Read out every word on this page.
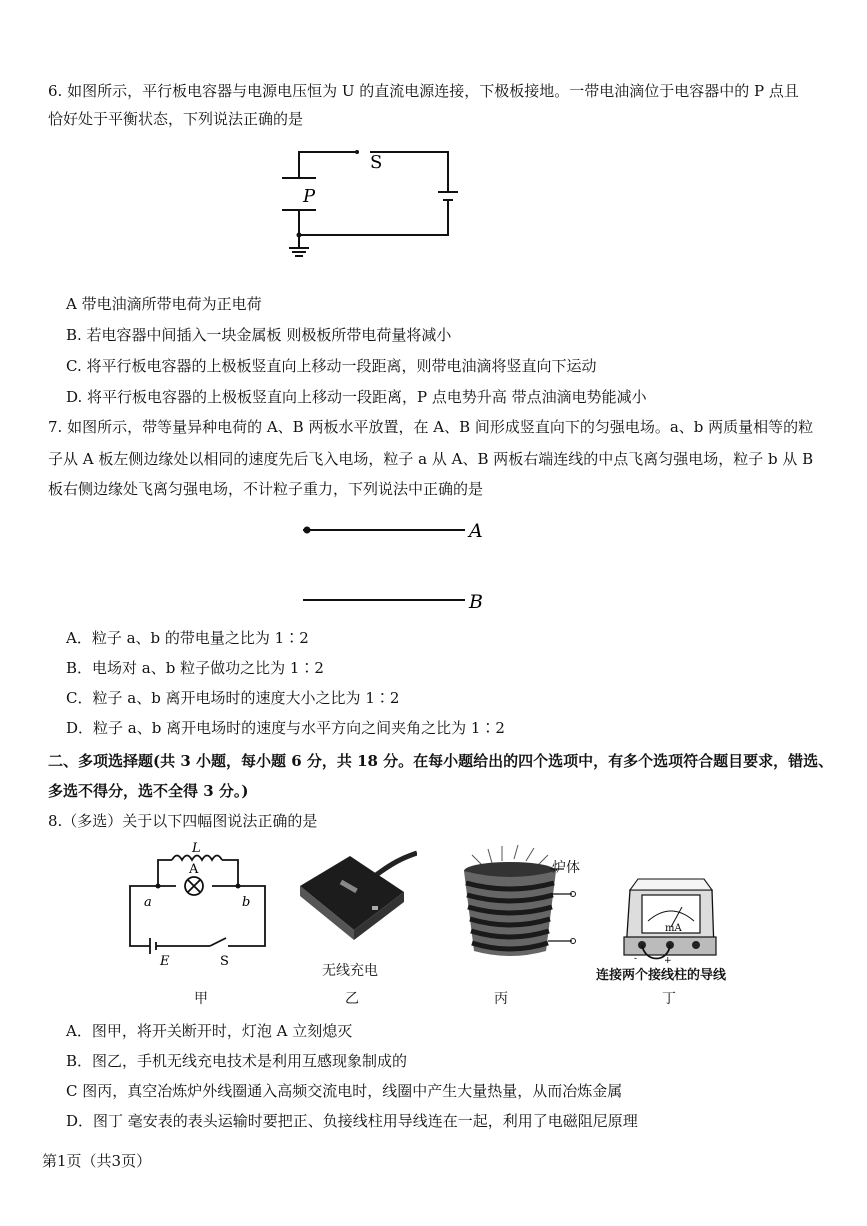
6. 如图所示，平行板电容器与电源电压恒为 U 的直流电源连接，下极板接地。一带电油滴位于电容器中的 P 点且
恰好处于平衡状态，下列说法正确的是
S
P
A 带电油滴所带电荷为正电荷
B. 若电容器中间插入一块金属板 则极板所带电荷量将减小
C. 将平行板电容器的上极板竖直向上移动一段距离，则带电油滴将竖直向下运动
D. 将平行板电容器的上极板竖直向上移动一段距离，P 点电势升高 带点油滴电势能减小
7. 如图所示，带等量异种电荷的 A、B 两板水平放置，在 A、B 间形成竖直向下的匀强电场。a、b 两质量相等的粒
子从 A 板左侧边缘处以相同的速度先后飞入电场，粒子 a 从 A、B 两板右端连线的中点飞离匀强电场，粒子 b 从 B
板右侧边缘处飞离匀强电场，不计粒子重力，下列说法中正确的是
A
B
A．粒子 a、b 的带电量之比为 1∶2
B．电场对 a、b 粒子做功之比为 1∶2
C．粒子 a、b 离开电场时的速度大小之比为 1∶2
D．粒子 a、b 离开电场时的速度与水平方向之间夹角之比为 1∶2
二、多项选择题(共 3 小题，每小题 6 分，共 18 分。在每小题给出的四个选项中，有多个选项符合题目要求，错选、
多选不得分，选不全得 3 分。)
8.（多选）关于以下四幅图说法正确的是
L
A
a	b
E	S
无线充电
炉体
mA
-	+
连接两个接线柱的导线
甲	乙	丙	丁
A．图甲，将开关断开时，灯泡 A 立刻熄灭
B．图乙，手机无线充电技术是利用互感现象制成的
C 图丙，真空冶炼炉外线圈通入高频交流电时，线圈中产生大量热量，从而冶炼金属
D．图丁 毫安表的表头运输时要把正、负接线柱用导线连在一起，利用了电磁阻尼原理
第1页（共3页）
